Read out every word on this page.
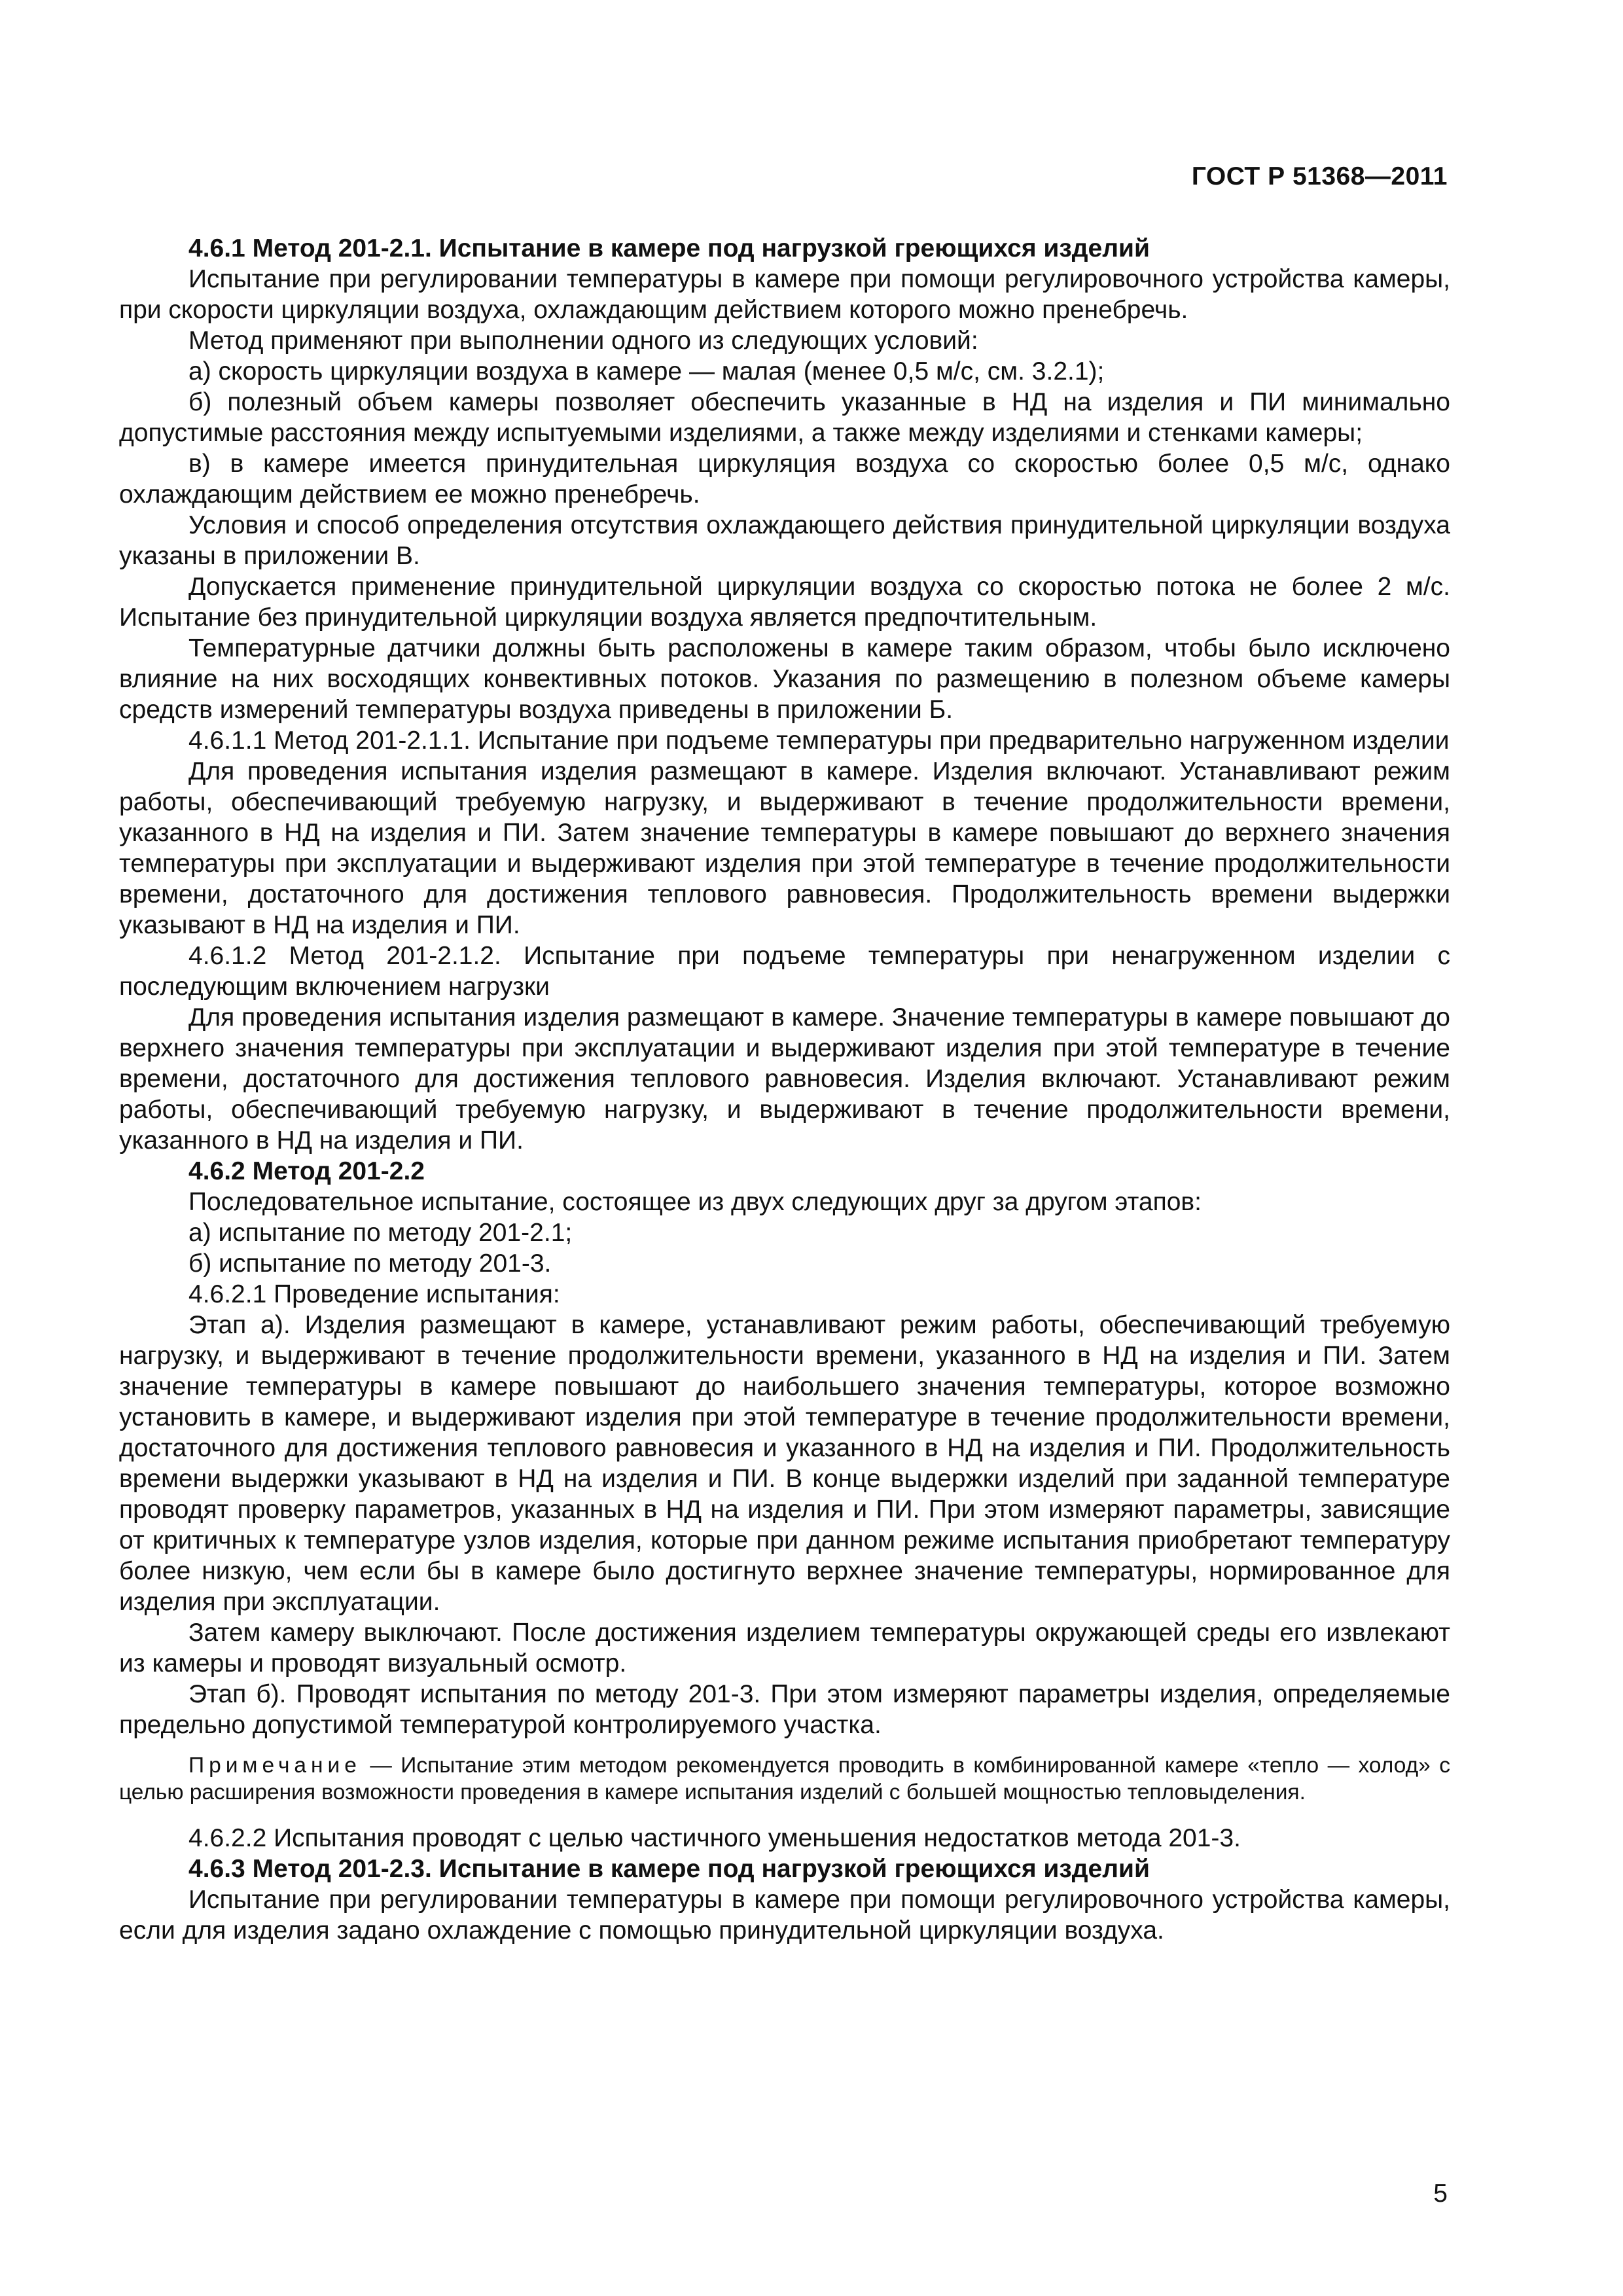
ГОСТ Р 51368—2011

4.6.1 Метод 201-2.1. Испытание в камере под нагрузкой греющихся изделий

Испытание при регулировании температуры в камере при помощи регулировочного устройства камеры, при скорости циркуляции воздуха, охлаждающим действием которого можно пренебречь.

Метод применяют при выполнении одного из следующих условий:

а) скорость циркуляции воздуха в камере — малая (менее 0,5 м/с, см. 3.2.1);

б) полезный объем камеры позволяет обеспечить указанные в НД на изделия и ПИ минимально допустимые расстояния между испытуемыми изделиями, а также между изделиями и стенками камеры;

в) в камере имеется принудительная циркуляция воздуха со скоростью более 0,5 м/с, однако охлаждающим действием ее можно пренебречь.

Условия и способ определения отсутствия охлаждающего действия принудительной циркуляции воздуха указаны в приложении В.

Допускается применение принудительной циркуляции воздуха со скоростью потока не более 2 м/с. Испытание без принудительной циркуляции воздуха является предпочтительным.

Температурные датчики должны быть расположены в камере таким образом, чтобы было исключено влияние на них восходящих конвективных потоков. Указания по размещению в полезном объеме камеры средств измерений температуры воздуха приведены в приложении Б.

4.6.1.1 Метод 201-2.1.1. Испытание при подъеме температуры при предварительно нагруженном изделии

Для проведения испытания изделия размещают в камере. Изделия включают. Устанавливают режим работы, обеспечивающий требуемую нагрузку, и выдерживают в течение продолжительности времени, указанного в НД на изделия и ПИ. Затем значение температуры в камере повышают до верхнего значения температуры при эксплуатации и выдерживают изделия при этой температуре в течение продолжительности времени, достаточного для достижения теплового равновесия. Продолжительность времени выдержки указывают в НД на изделия и ПИ.

4.6.1.2 Метод 201-2.1.2. Испытание при подъеме температуры при ненагруженном изделии с последующим включением нагрузки

Для проведения испытания изделия размещают в камере. Значение температуры в камере повышают до верхнего значения температуры при эксплуатации и выдерживают изделия при этой температуре в течение времени, достаточного для достижения теплового равновесия. Изделия включают. Устанавливают режим работы, обеспечивающий требуемую нагрузку, и выдерживают в течение продолжительности времени, указанного в НД на изделия и ПИ.

4.6.2 Метод 201-2.2

Последовательное испытание, состоящее из двух следующих друг за другом этапов:

а) испытание по методу 201-2.1;

б) испытание по методу 201-3.

4.6.2.1 Проведение испытания:

Этап а). Изделия размещают в камере, устанавливают режим работы, обеспечивающий требуемую нагрузку, и выдерживают в течение продолжительности времени, указанного в НД на изделия и ПИ. Затем значение температуры в камере повышают до наибольшего значения температуры, которое возможно установить в камере, и выдерживают изделия при этой температуре в течение продолжительности времени, достаточного для достижения теплового равновесия и указанного в НД на изделия и ПИ. Продолжительность времени выдержки указывают в НД на изделия и ПИ. В конце выдержки изделий при заданной температуре проводят проверку параметров, указанных в НД на изделия и ПИ. При этом измеряют параметры, зависящие от критичных к температуре узлов изделия, которые при данном режиме испытания приобретают температуру более низкую, чем если бы в камере было достигнуто верхнее значение температуры, нормированное для изделия при эксплуатации.

Затем камеру выключают. После достижения изделием температуры окружающей среды его извлекают из камеры и проводят визуальный осмотр.

Этап б). Проводят испытания по методу 201-3. При этом измеряют параметры изделия, определяемые предельно допустимой температурой контролируемого участка.

Примечание — Испытание этим методом рекомендуется проводить в комбинированной камере «тепло — холод» с целью расширения возможности проведения в камере испытания изделий с большей мощностью тепловыделения.

4.6.2.2 Испытания проводят с целью частичного уменьшения недостатков метода 201-3.

4.6.3 Метод 201-2.3. Испытание в камере под нагрузкой греющихся изделий

Испытание при регулировании температуры в камере при помощи регулировочного устройства камеры, если для изделия задано охлаждение с помощью принудительной циркуляции воздуха.

5
